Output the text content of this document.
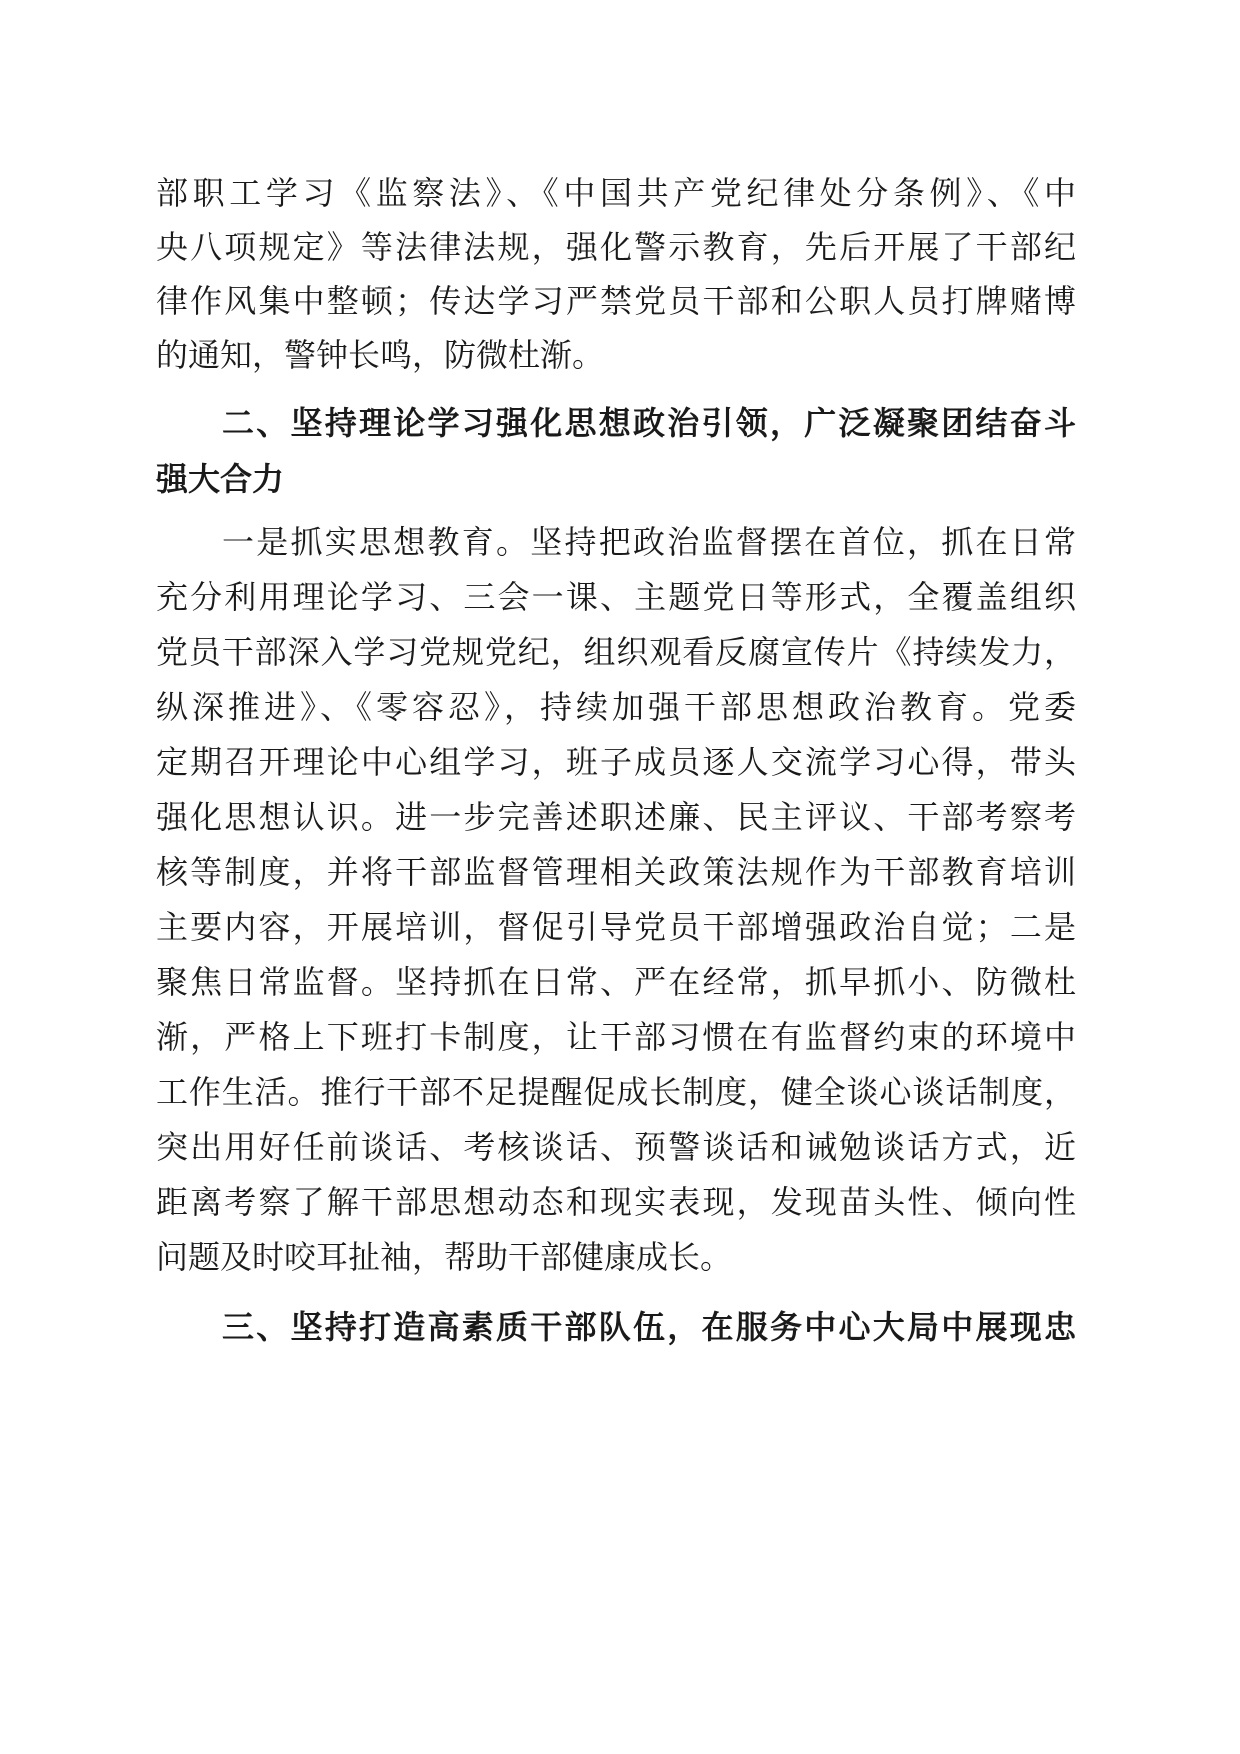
部职工学习《监察法》、《中国共产党纪律处分条例》、《中
央八项规定》等法律法规，强化警示教育，先后开展了干部纪
律作风集中整顿；传达学习严禁党员干部和公职人员打牌赌博
的通知，警钟长鸣，防微杜渐。
二、坚持理论学习强化思想政治引领，广泛凝聚团结奋斗
强大合力
一是抓实思想教育。坚持把政治监督摆在首位，抓在日常
充分利用理论学习、三会一课、主题党日等形式，全覆盖组织
党员干部深入学习党规党纪，组织观看反腐宣传片《持续发力，
纵深推进》、《零容忍》，持续加强干部思想政治教育。党委
定期召开理论中心组学习，班子成员逐人交流学习心得，带头
强化思想认识。进一步完善述职述廉、民主评议、干部考察考
核等制度，并将干部监督管理相关政策法规作为干部教育培训
主要内容，开展培训，督促引导党员干部增强政治自觉；二是
聚焦日常监督。坚持抓在日常、严在经常，抓早抓小、防微杜
渐，严格上下班打卡制度，让干部习惯在有监督约束的环境中
工作生活。推行干部不足提醒促成长制度，健全谈心谈话制度，
突出用好任前谈话、考核谈话、预警谈话和诫勉谈话方式，近
距离考察了解干部思想动态和现实表现，发现苗头性、倾向性
问题及时咬耳扯袖，帮助干部健康成长。
三、坚持打造高素质干部队伍，在服务中心大局中展现忠
